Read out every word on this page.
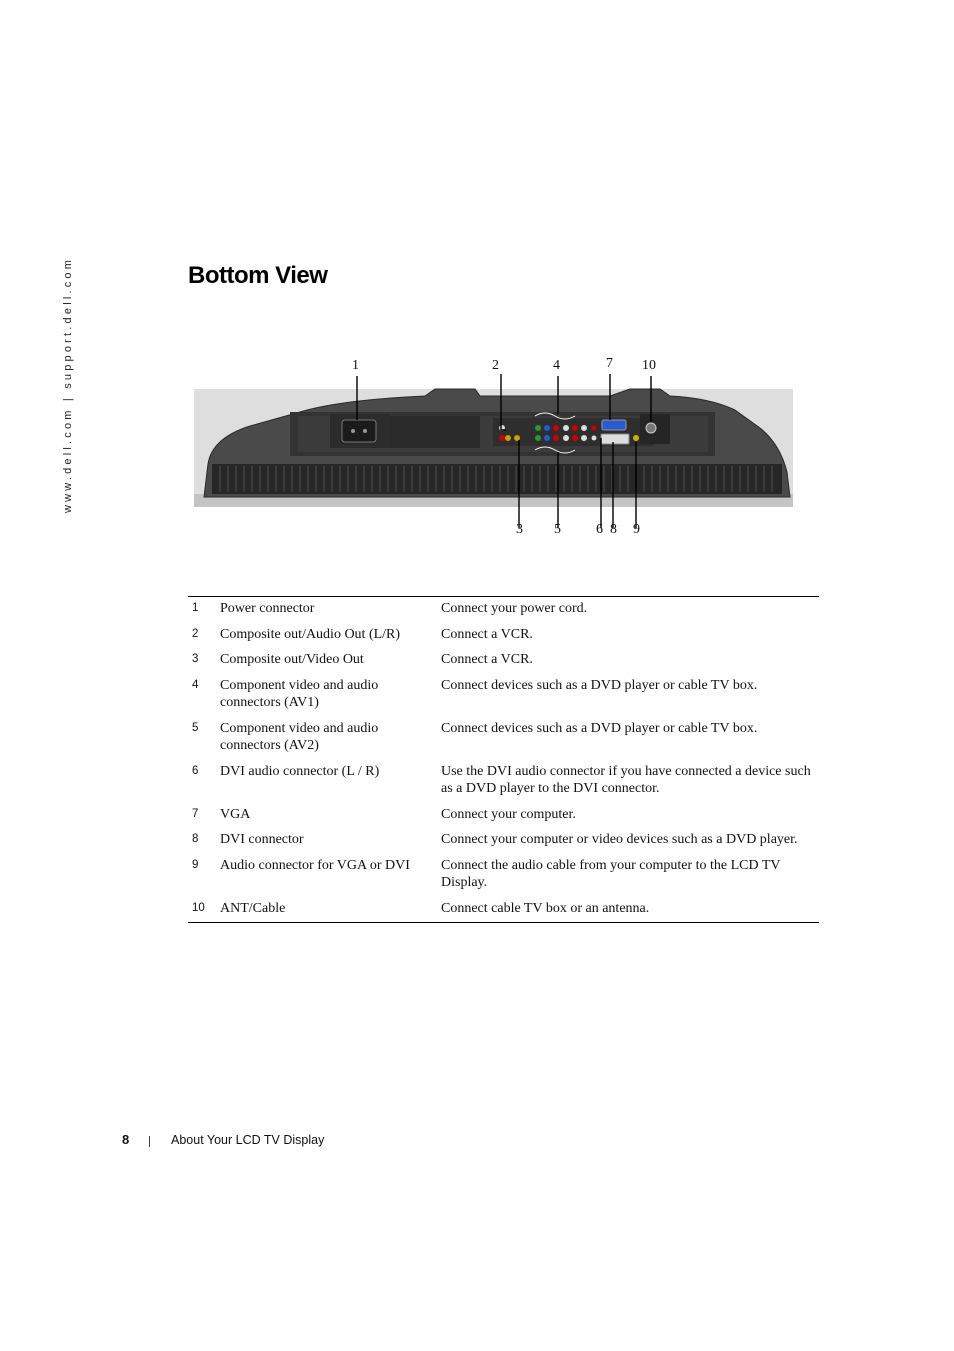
www.dell.com | support.dell.com	Bottom View
1	2	4	7 10
3 5	6 8 9
1	Power connector	Connect your power cord.
2	Composite out/Audio Out (L/R)	Connect a VCR.
3	Composite out/Video Out	Connect a VCR.
4	Component video and audio connectors (AV1)	Connect devices such as a DVD player or cable TV box.
5	Component video and audio connectors (AV2)	Connect devices such as a DVD player or cable TV box.
6	DVI audio connector (L / R)	Use the DVI audio connector if you have connected a device such as a DVD player to the DVI connector.
7	VGA	Connect your computer.
8	DVI connector	Connect your computer or video devices such as a DVD player.
9	Audio connector for VGA or DVI	Connect the audio cable from your computer to the LCD TV Display.
10	ANT/Cable	Connect cable TV box or an antenna.
8	About Your LCD TV Display
